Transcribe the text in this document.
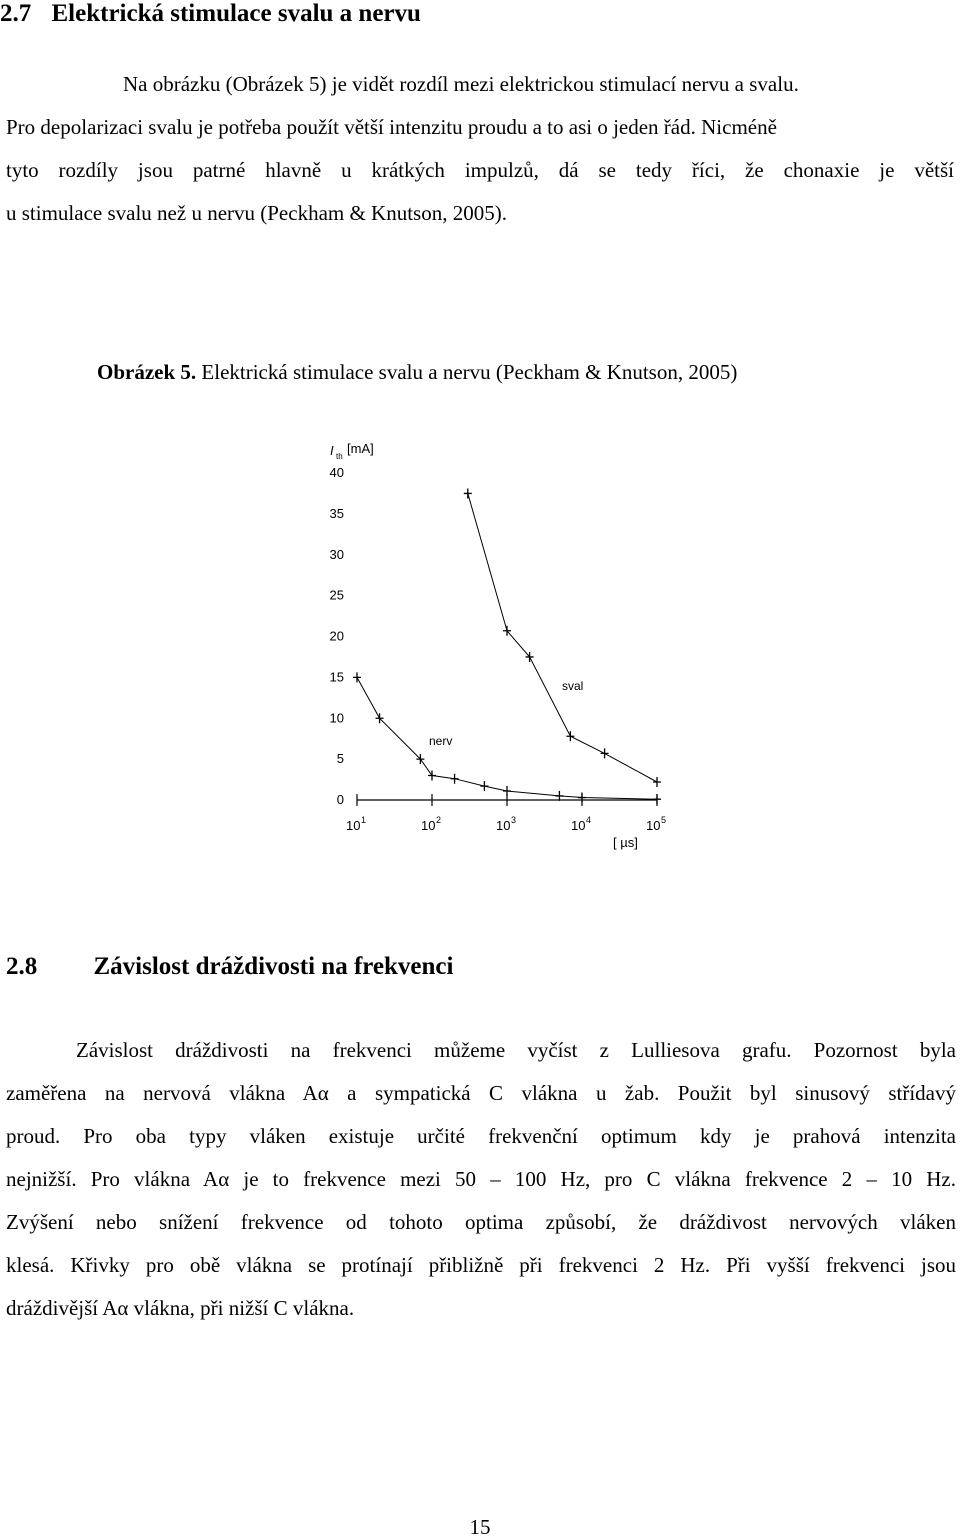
2.7 Elektrická stimulace svalu a nervu
Na obrázku (Obrázek 5) je vidět rozdíl mezi elektrickou stimulací nervu a svalu.
Pro depolarizaci svalu je potřeba použít větší intenzitu proudu a to asi o jeden řád. Nicméně
tyto rozdíly jsou patrné hlavně u krátkých impulzů, dá se tedy říci, že chonaxie je větší
u stimulace svalu než u nervu (Peckham & Knutson, 2005).
Obrázek 5. Elektrická stimulace svalu a nervu (Peckham & Knutson, 2005)
I th
[mA]
0
5
10
15
20
25
30
35
40
10 1	10 2	10 3	10 4	10 5
[ µs]
nerv
sval
2.8 Závislost dráždivosti na frekvenci
Závislost dráždivosti na frekvenci můžeme vyčíst z Lulliesova grafu. Pozornost byla
zaměřena na nervová vlákna Aα a sympatická C vlákna u žab. Použit byl sinusový střídavý
proud. Pro oba typy vláken existuje určité frekvenční optimum kdy je prahová intenzita
nejnižší. Pro vlákna Aα je to frekvence mezi 50 – 100 Hz, pro C vlákna frekvence 2 – 10 Hz.
Zvýšení nebo snížení frekvence od tohoto optima způsobí, že dráždivost nervových vláken
klesá. Křivky pro obě vlákna se protínají přibližně při frekvenci 2 Hz. Při vyšší frekvenci jsou
dráždivější Aα vlákna, při nižší C vlákna.
15
